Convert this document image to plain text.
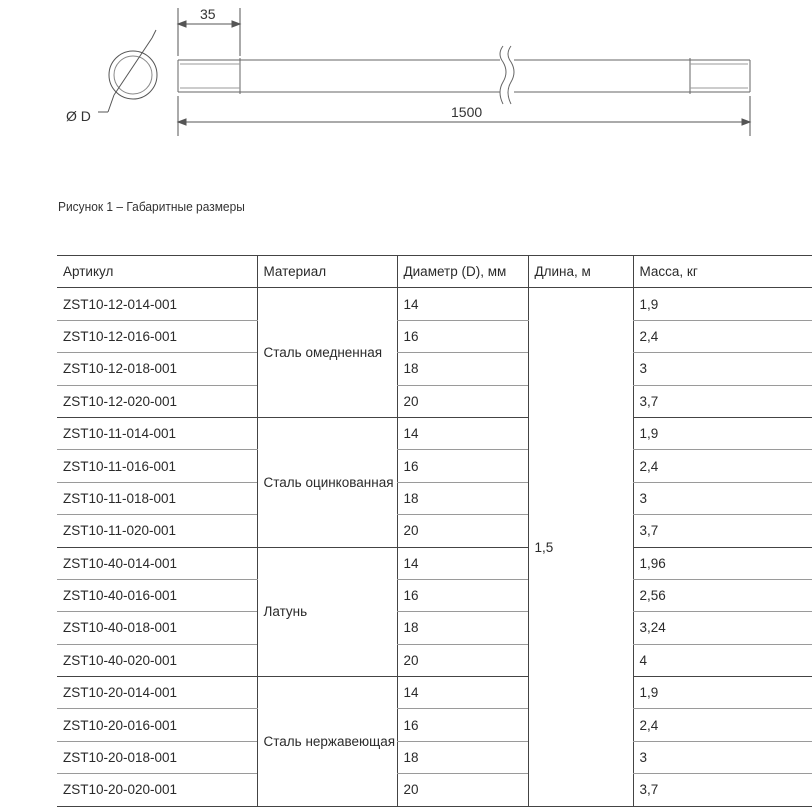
Ø D
35
1500
Рисунок 1 – Габаритные размеры
Артикул	Материал	Диаметр (D), мм	Длина, м	Масса, кг
ZST10-12-014-001	Сталь омедненная	14	1,5	1,9
ZST10-12-016-001		16		2,4
ZST10-12-018-001		18		3
ZST10-12-020-001		20		3,7
ZST10-11-014-001	Сталь оцинкованная	14		1,9
ZST10-11-016-001		16		2,4
ZST10-11-018-001		18		3
ZST10-11-020-001		20		3,7
ZST10-40-014-001	Латунь	14		1,96
ZST10-40-016-001		16		2,56
ZST10-40-018-001		18		3,24
ZST10-40-020-001		20		4
ZST10-20-014-001	Сталь нержавеющая	14		1,9
ZST10-20-016-001		16		2,4
ZST10-20-018-001		18		3
ZST10-20-020-001		20		3,7
